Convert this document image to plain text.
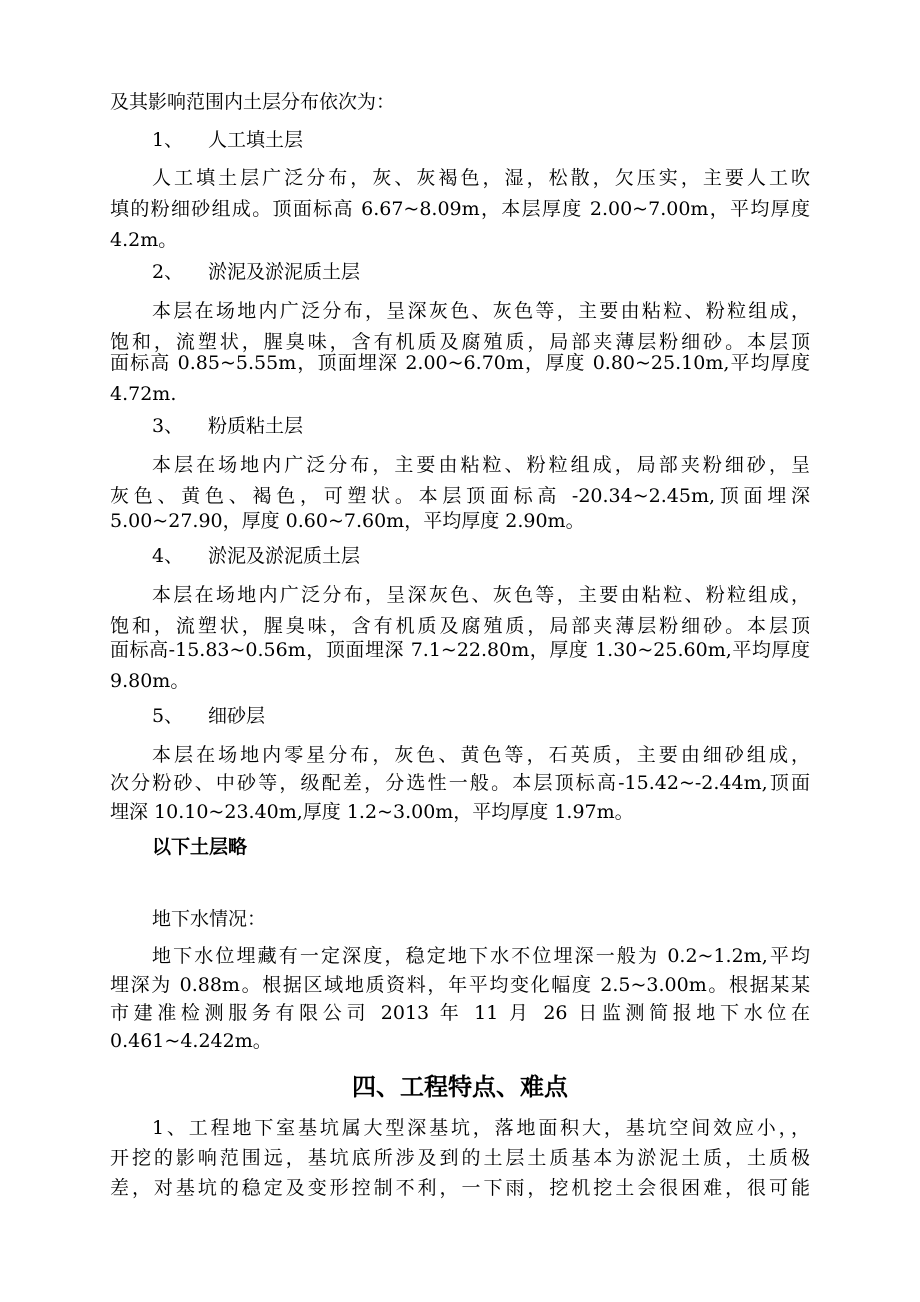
及其影响范围内土层分布依次为：
1、 人工填土层
人工填土层广泛分布，灰、灰褐色，湿，松散，欠压实，主要人工吹
填的粉细砂组成。顶面标高 6.67~8.09m，本层厚度 2.00~7.00m，平均厚度
4.2m。
2、 淤泥及淤泥质土层
本层在场地内广泛分布，呈深灰色、灰色等，主要由粘粒、粉粒组成，
饱和，流塑状，腥臭味，含有机质及腐殖质，局部夹薄层粉细砂。本层顶
面标高 0.85~5.55m，顶面埋深 2.00~6.70m，厚度 0.80~25.10m,平均厚度
4.72m.
3、 粉质粘土层
本层在场地内广泛分布，主要由粘粒、粉粒组成，局部夹粉细砂，呈
灰色、黄色、褐色，可塑状。本层顶面标高 -20.34~2.45m,顶面埋深
5.00~27.90，厚度 0.60~7.60m，平均厚度 2.90m。
4、 淤泥及淤泥质土层
本层在场地内广泛分布，呈深灰色、灰色等，主要由粘粒、粉粒组成，
饱和，流塑状，腥臭味，含有机质及腐殖质，局部夹薄层粉细砂。本层顶
面标高-15.83~0.56m，顶面埋深 7.1~22.80m，厚度 1.30~25.60m,平均厚度
9.80m。
5、 细砂层
本层在场地内零星分布，灰色、黄色等，石英质，主要由细砂组成，
次分粉砂、中砂等，级配差，分选性一般。本层顶标高-15.42~-2.44m,顶面
埋深 10.10~23.40m,厚度 1.2~3.00m，平均厚度 1.97m。
以下土层略
地下水情况：
地下水位埋藏有一定深度，稳定地下水不位埋深一般为 0.2~1.2m,平均
埋深为 0.88m。根据区域地质资料，年平均变化幅度 2.5~3.00m。根据某某
市建准检测服务有限公司 2013 年 11 月 26 日监测简报地下水位在
0.461~4.242m。
四、工程特点、难点
1、工程地下室基坑属大型深基坑，落地面积大，基坑空间效应小，，
开挖的影响范围远，基坑底所涉及到的土层土质基本为淤泥土质，土质极
差，对基坑的稳定及变形控制不利，一下雨，挖机挖土会很困难，很可能
